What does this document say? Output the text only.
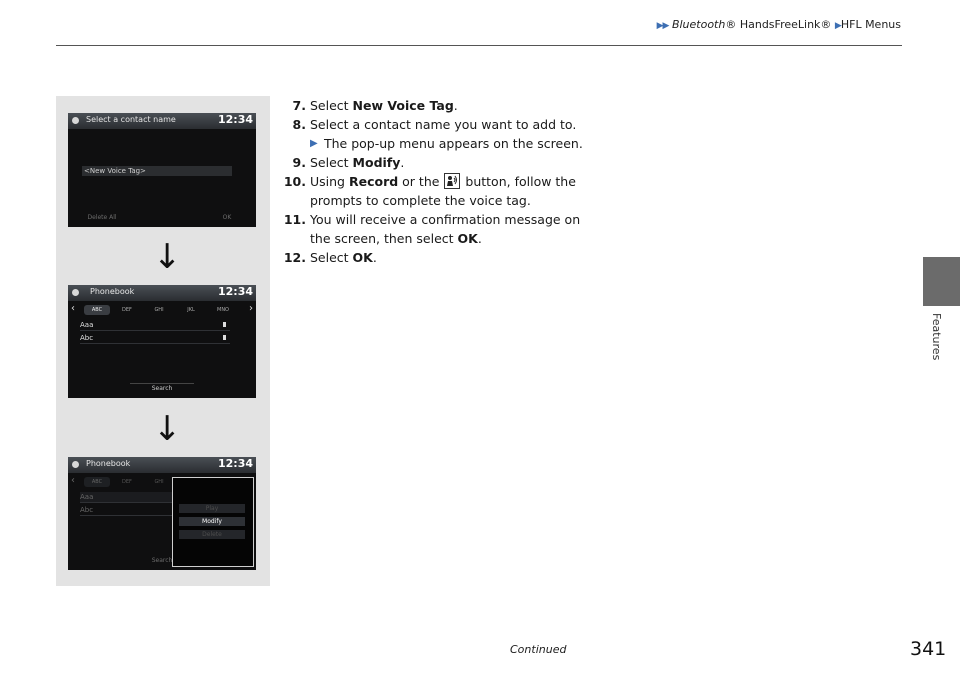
▶▶ Bluetooth® HandsFreeLink® ▶HFL Menus
Features
Select a contact name	12:34
<New Voice Tag>
Delete All	OK
↓
Phonebook	12:34
‹	›
ABC	DEF	GHI	JKL	MNO
Aaa
Abc
Search
↓
Phonebook	12:34
‹	ABC	DEF	GHI
Aaa
Abc
Search
Play
Modify
Delete
7. Select New Voice Tag.
8. Select a contact name you want to add to.
▶ The pop-up menu appears on the screen.
9. Select Modify.
10. Using Record or the
button, follow the prompts to complete the voice tag.
11. You will receive a confirmation message on the screen, then select OK.
12. Select OK.
Continued	341
